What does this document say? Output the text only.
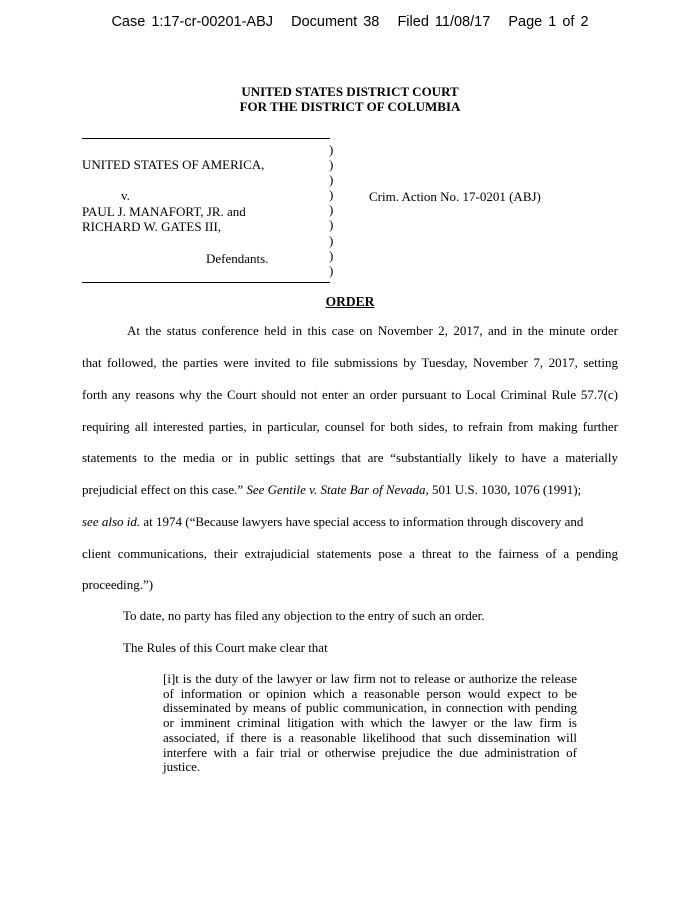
Case 1:17-cr-00201-ABJ Document 38 Filed 11/08/17 Page 1 of 2
UNITED STATES DISTRICT COURT
FOR THE DISTRICT OF COLUMBIA
UNITED STATES OF AMERICA,
v.
PAUL J. MANAFORT, JR. and
RICHARD W. GATES III,
Defendants.
)
)
)
)
)
)
)
)
)
Crim. Action No. 17-0201 (ABJ)
ORDER
At the status conference held in this case on November 2, 2017, and in the minute order
that followed, the parties were invited to file submissions by Tuesday, November 7, 2017, setting
forth any reasons why the Court should not enter an order pursuant to Local Criminal Rule 57.7(c)
requiring all interested parties, in particular, counsel for both sides, to refrain from making further
statements to the media or in public settings that are “substantially likely to have a materially
prejudicial effect on this case.” See Gentile v. State Bar of Nevada, 501 U.S. 1030, 1076 (1991);
see also id. at 1974 (“Because lawyers have special access to information through discovery and
client communications, their extrajudicial statements pose a threat to the fairness of a pending
proceeding.”)
To date, no party has filed any objection to the entry of such an order.
The Rules of this Court make clear that
[i]t is the duty of the lawyer or law firm not to release or authorize the release of information or opinion which a reasonable person would expect to be disseminated by means of public communication, in connection with pending or imminent criminal litigation with which the lawyer or the law firm is associated, if there is a reasonable likelihood that such dissemination will interfere with a fair trial or otherwise prejudice the due administration of justice.
